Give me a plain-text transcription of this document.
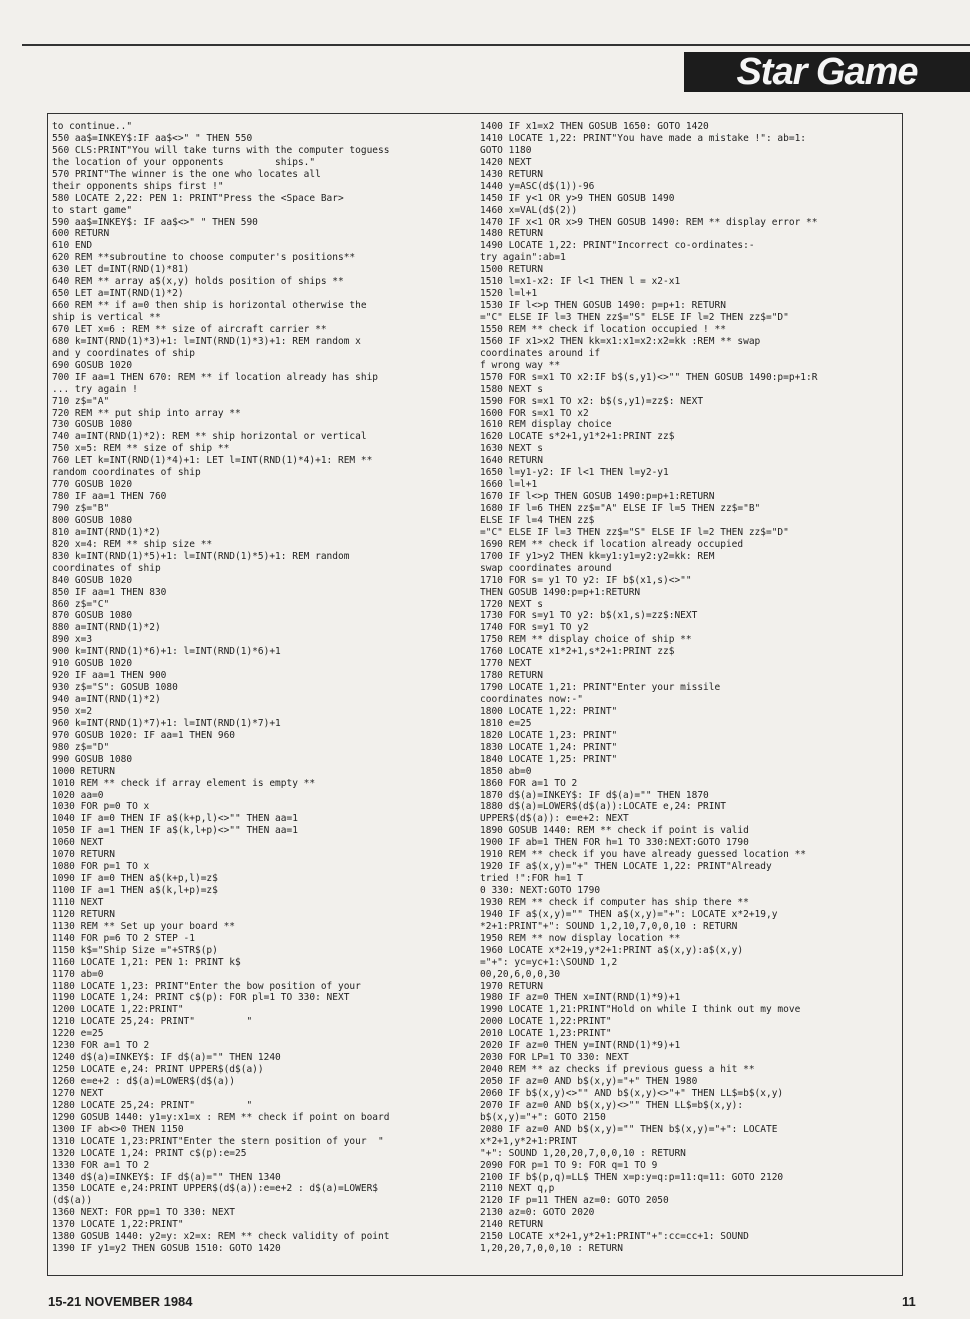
Star Game
to continue.."
550 aa$=INKEY$:IF aa$<>" " THEN 550
560 CLS:PRINT"You will take turns with the computer toguess
the location of your opponents         ships."
570 PRINT"The winner is the one who locates all
their opponents ships first !"
580 LOCATE 2,22: PEN 1: PRINT"Press the <Space Bar>
to start game"
590 aa$=INKEY$: IF aa$<>" " THEN 590
600 RETURN
610 END
620 REM **subroutine to choose computer's positions**
630 LET d=INT(RND(1)*81)
640 REM ** array a$(x,y) holds position of ships **
650 LET a=INT(RND(1)*2)
660 REM ** if a=0 then ship is horizontal otherwise the
ship is vertical **
670 LET x=6 : REM ** size of aircraft carrier **
680 k=INT(RND(1)*3)+1: l=INT(RND(1)*3)+1: REM random x
and y coordinates of ship
690 GOSUB 1020
700 IF aa=1 THEN 670: REM ** if location already has ship
... try again !
710 z$="A"
720 REM ** put ship into array **
730 GOSUB 1080
740 a=INT(RND(1)*2): REM ** ship horizontal or vertical
750 x=5: REM ** size of ship **
760 LET k=INT(RND(1)*4)+1: LET l=INT(RND(1)*4)+1: REM **
random coordinates of ship
770 GOSUB 1020
780 IF aa=1 THEN 760
790 z$="B"
800 GOSUB 1080
810 a=INT(RND(1)*2)
820 x=4: REM ** ship size **
830 k=INT(RND(1)*5)+1: l=INT(RND(1)*5)+1: REM random
coordinates of ship
840 GOSUB 1020
850 IF aa=1 THEN 830
860 z$="C"
870 GOSUB 1080
880 a=INT(RND(1)*2)
890 x=3
900 k=INT(RND(1)*6)+1: l=INT(RND(1)*6)+1
910 GOSUB 1020
920 IF aa=1 THEN 900
930 z$="S": GOSUB 1080
940 a=INT(RND(1)*2)
950 x=2
960 k=INT(RND(1)*7)+1: l=INT(RND(1)*7)+1
970 GOSUB 1020: IF aa=1 THEN 960
980 z$="D"
990 GOSUB 1080
1000 RETURN
1010 REM ** check if array element is empty **
1020 aa=0
1030 FOR p=0 TO x
1040 IF a=0 THEN IF a$(k+p,l)<>"" THEN aa=1
1050 IF a=1 THEN IF a$(k,l+p)<>"" THEN aa=1
1060 NEXT
1070 RETURN
1080 FOR p=1 TO x
1090 IF a=0 THEN a$(k+p,l)=z$
1100 IF a=1 THEN a$(k,l+p)=z$
1110 NEXT
1120 RETURN
1130 REM ** Set up your board **
1140 FOR p=6 TO 2 STEP -1
1150 k$="Ship Size ="+STR$(p)
1160 LOCATE 1,21: PEN 1: PRINT k$
1170 ab=0
1180 LOCATE 1,23: PRINT"Enter the bow position of your
1190 LOCATE 1,24: PRINT c$(p): FOR pl=1 TO 330: NEXT
1200 LOCATE 1,22:PRINT"
1210 LOCATE 25,24: PRINT"         "
1220 e=25
1230 FOR a=1 TO 2
1240 d$(a)=INKEY$: IF d$(a)="" THEN 1240
1250 LOCATE e,24: PRINT UPPER$(d$(a))
1260 e=e+2 : d$(a)=LOWER$(d$(a))
1270 NEXT
1280 LOCATE 25,24: PRINT"         "
1290 GOSUB 1440: y1=y:x1=x : REM ** check if point on board
1300 IF ab<>0 THEN 1150
1310 LOCATE 1,23:PRINT"Enter the stern position of your  "
1320 LOCATE 1,24: PRINT c$(p):e=25
1330 FOR a=1 TO 2
1340 d$(a)=INKEY$: IF d$(a)="" THEN 1340
1350 LOCATE e,24:PRINT UPPER$(d$(a)):e=e+2 : d$(a)=LOWER$
(d$(a))
1360 NEXT: FOR pp=1 TO 330: NEXT
1370 LOCATE 1,22:PRINT"
1380 GOSUB 1440: y2=y: x2=x: REM ** check validity of point
1390 IF y1=y2 THEN GOSUB 1510: GOTO 1420
1400 IF x1=x2 THEN GOSUB 1650: GOTO 1420
1410 LOCATE 1,22: PRINT"You have made a mistake !": ab=1:
GOTO 1180
1420 NEXT
1430 RETURN
1440 y=ASC(d$(1))-96
1450 IF y<1 OR y>9 THEN GOSUB 1490
1460 x=VAL(d$(2))
1470 IF x<1 OR x>9 THEN GOSUB 1490: REM ** display error **
1480 RETURN
1490 LOCATE 1,22: PRINT"Incorrect co-ordinates:-
try again":ab=1
1500 RETURN
1510 l=x1-x2: IF l<1 THEN l = x2-x1
1520 l=l+1
1530 IF l<>p THEN GOSUB 1490: p=p+1: RETURN
="C" ELSE IF l=3 THEN zz$="S" ELSE IF l=2 THEN zz$="D"
1550 REM ** check if location occupied ! **
1560 IF x1>x2 THEN kk=x1:x1=x2:x2=kk :REM ** swap
coordinates around if
f wrong way **
1570 FOR s=x1 TO x2:IF b$(s,y1)<>"" THEN GOSUB 1490:p=p+1:R
1580 NEXT s
1590 FOR s=x1 TO x2: b$(s,y1)=zz$: NEXT
1600 FOR s=x1 TO x2
1610 REM display choice
1620 LOCATE s*2+1,y1*2+1:PRINT zz$
1630 NEXT s
1640 RETURN
1650 l=y1-y2: IF l<1 THEN l=y2-y1
1660 l=l+1
1670 IF l<>p THEN GOSUB 1490:p=p+1:RETURN
1680 IF l=6 THEN zz$="A" ELSE IF l=5 THEN zz$="B"
ELSE IF l=4 THEN zz$
="C" ELSE IF l=3 THEN zz$="S" ELSE IF l=2 THEN zz$="D"
1690 REM ** check if location already occupied
1700 IF y1>y2 THEN kk=y1:y1=y2:y2=kk: REM
swap coordinates around
1710 FOR s= y1 TO y2: IF b$(x1,s)<>""
THEN GOSUB 1490:p=p+1:RETURN
1720 NEXT s
1730 FOR s=y1 TO y2: b$(x1,s)=zz$:NEXT
1740 FOR s=y1 TO y2
1750 REM ** display choice of ship **
1760 LOCATE x1*2+1,s*2+1:PRINT zz$
1770 NEXT
1780 RETURN
1790 LOCATE 1,21: PRINT"Enter your missile
coordinates now:-"
1800 LOCATE 1,22: PRINT"
1810 e=25
1820 LOCATE 1,23: PRINT"
1830 LOCATE 1,24: PRINT"
1840 LOCATE 1,25: PRINT"
1850 ab=0
1860 FOR a=1 TO 2
1870 d$(a)=INKEY$: IF d$(a)="" THEN 1870
1880 d$(a)=LOWER$(d$(a)):LOCATE e,24: PRINT
UPPER$(d$(a)): e=e+2: NEXT
1890 GOSUB 1440: REM ** check if point is valid
1900 IF ab=1 THEN FOR h=1 TO 330:NEXT:GOTO 1790
1910 REM ** check if you have already guessed location **
1920 IF a$(x,y)="+" THEN LOCATE 1,22: PRINT"Already
tried !":FOR h=1 T
0 330: NEXT:GOTO 1790
1930 REM ** check if computer has ship there **
1940 IF a$(x,y)="" THEN a$(x,y)="+": LOCATE x*2+19,y
*2+1:PRINT"+": SOUND 1,2,10,7,0,0,10 : RETURN
1950 REM ** now display location **
1960 LOCATE x*2+19,y*2+1:PRINT a$(x,y):a$(x,y)
="+": yc=yc+1:\SOUND 1,2
00,20,6,0,0,30
1970 RETURN
1980 IF az=0 THEN x=INT(RND(1)*9)+1
1990 LOCATE 1,21:PRINT"Hold on while I think out my move
2000 LOCATE 1,22:PRINT"
2010 LOCATE 1,23:PRINT"
2020 IF az=0 THEN y=INT(RND(1)*9)+1
2030 FOR LP=1 TO 330: NEXT
2040 REM ** az checks if previous guess a hit **
2050 IF az=0 AND b$(x,y)="+" THEN 1980
2060 IF b$(x,y)<>"" AND b$(x,y)<>"+" THEN LL$=b$(x,y)
2070 IF az=0 AND b$(x,y)<>"" THEN LL$=b$(x,y):
b$(x,y)="+": GOTO 2150
2080 IF az=0 AND b$(x,y)="" THEN b$(x,y)="+": LOCATE
x*2+1,y*2+1:PRINT
"+": SOUND 1,20,20,7,0,0,10 : RETURN
2090 FOR p=1 TO 9: FOR q=1 TO 9
2100 IF b$(p,q)=LL$ THEN x=p:y=q:p=11:q=11: GOTO 2120
2110 NEXT q,p
2120 IF p=11 THEN az=0: GOTO 2050
2130 az=0: GOTO 2020
2140 RETURN
2150 LOCATE x*2+1,y*2+1:PRINT"+":cc=cc+1: SOUND
1,20,20,7,0,0,10 : RETURN
15-21 NOVEMBER 1984	11
